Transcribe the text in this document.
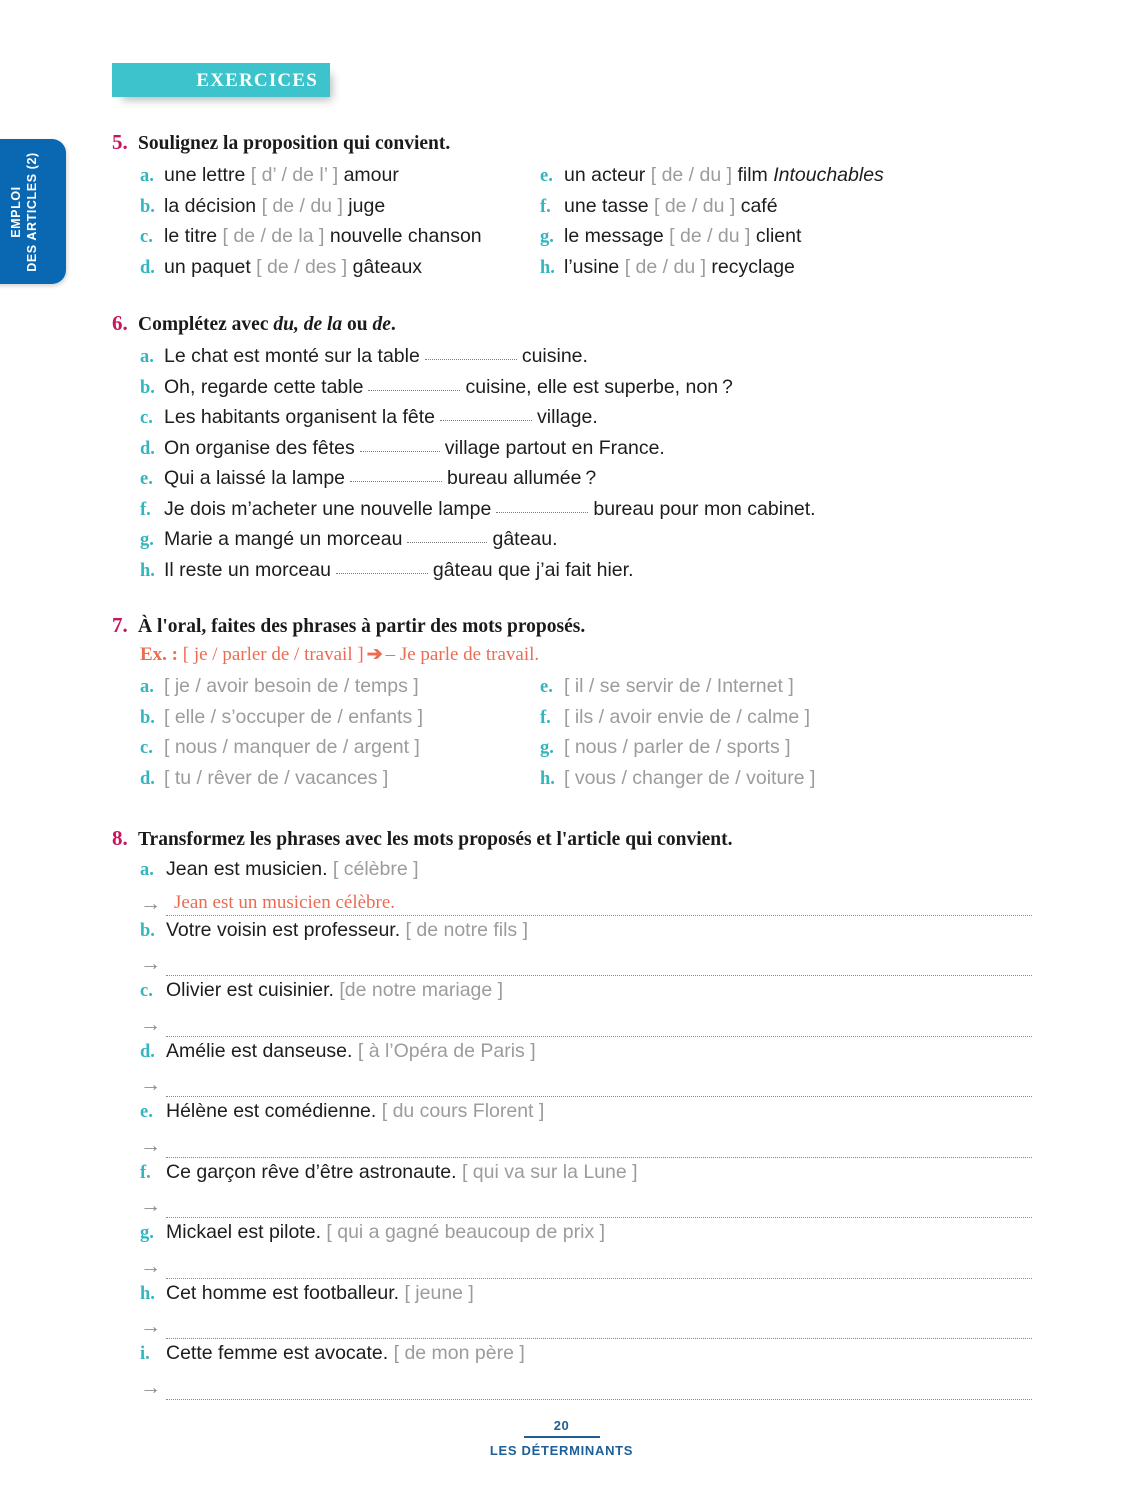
EMPLOI DES ARTICLES (2)
EXERCICES
5. Soulignez la proposition qui convient.
a. une lettre [ d’ / de l’ ] amour
b. la décision [ de / du ] juge
c. le titre [ de / de la ] nouvelle chanson
d. un paquet [ de / des ] gâteaux
e. un acteur [ de / du ] film Intouchables
f. une tasse [ de / du ] café
g. le message [ de / du ] client
h. l’usine [ de / du ] recyclage
6. Complétez avec du, de la ou de.
a. Le chat est monté sur la table	cuisine.
b. Oh, regarde cette table	cuisine, elle est superbe, non ?
c. Les habitants organisent la fête	village.
d. On organise des fêtes	village partout en France.
e. Qui a laissé la lampe	bureau allumée ?
f. Je dois m’acheter une nouvelle lampe	bureau pour mon cabinet.
g. Marie a mangé un morceau	gâteau.
h. Il reste un morceau	gâteau que j’ai fait hier.
7. À l'oral, faites des phrases à partir des mots proposés.
Ex. : [ je / parler de / travail ] ➔ – Je parle de travail.
a. [ je / avoir besoin de / temps ]
b. [ elle / s’occuper de / enfants ]
c. [ nous / manquer de / argent ]
d. [ tu / rêver de / vacances ]
e. [ il / se servir de / Internet ]
f. [ ils / avoir envie de / calme ]
g. [ nous / parler de / sports ]
h. [ vous / changer de / voiture ]
8. Transformez les phrases avec les mots proposés et l'article qui convient.
a. Jean est musicien. [ célèbre ]
→ Jean est un musicien célèbre.
b. Votre voisin est professeur. [ de notre fils ]
→
c. Olivier est cuisinier. [de notre mariage ]
→
d. Amélie est danseuse. [ à l’Opéra de Paris ]
→
e. Hélène est comédienne. [ du cours Florent ]
→
f. Ce garçon rêve d’être astronaute. [ qui va sur la Lune ]
→
g. Mickael est pilote. [ qui a gagné beaucoup de prix ]
→
h. Cet homme est footballeur. [ jeune ]
→
i. Cette femme est avocate. [ de mon père ]
→
20
LES DÉTERMINANTS
